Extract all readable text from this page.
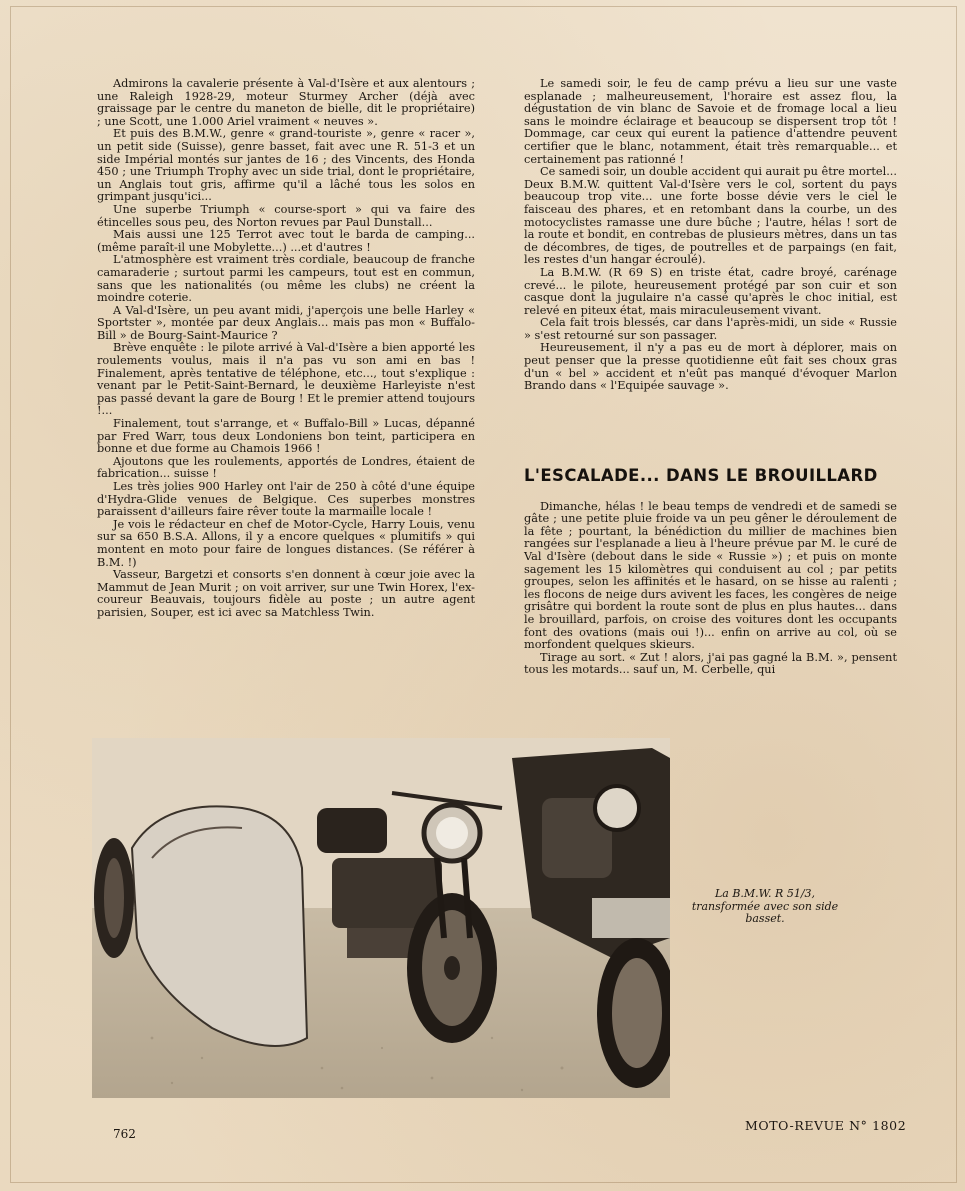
Admirons la cavalerie présente à Val-d'Isère et aux alentours ; une Raleigh 1928-29, moteur Sturmey Archer (déjà avec graissage par le centre du maneton de bielle, dit le propriétaire) ; une Scott, une 1.000 Ariel vraiment « neuves ».

Et puis des B.M.W., genre « grand-touriste », genre « racer », un petit side (Suisse), genre basset, fait avec une R. 51-3 et un side Impérial montés sur jantes de 16 ; des Vincents, des Honda 450 ; une Triumph Trophy avec un side trial, dont le propriétaire, un Anglais tout gris, affirme qu'il a lâché tous les solos en grimpant jusqu'ici...

Une superbe Triumph « course-sport » qui va faire des étincelles sous peu, des Norton revues par Paul Dunstall...

Mais aussi une 125 Terrot avec tout le barda de camping... (même paraît-il une Mobylette...) ...et d'autres !

L'atmosphère est vraiment très cordiale, beaucoup de franche camaraderie ; surtout parmi les campeurs, tout est en commun, sans que les nationalités (ou même les clubs) ne créent la moindre coterie.

A Val-d'Isère, un peu avant midi, j'aperçois une belle Harley « Sportster », montée par deux Anglais... mais pas mon « Buffalo-Bill » de Bourg-Saint-Maurice ?

Brève enquête : le pilote arrivé à Val-d'Isère a bien apporté les roulements voulus, mais il n'a pas vu son ami en bas ! Finalement, après tentative de téléphone, etc..., tout s'explique : venant par le Petit-Saint-Bernard, le deuxième Harleyiste n'est pas passé devant la gare de Bourg ! Et le premier attend toujours !...

Finalement, tout s'arrange, et « Buffalo-Bill » Lucas, dépanné par Fred Warr, tous deux Londoniens bon teint, participera en bonne et due forme au Chamois 1966 !

Ajoutons que les roulements, apportés de Londres, étaient de fabrication... suisse !

Les très jolies 900 Harley ont l'air de 250 à côté d'une équipe d'Hydra-Glide venues de Belgique. Ces superbes monstres paraissent d'ailleurs faire rêver toute la marmaille locale !

Je vois le rédacteur en chef de Motor-Cycle, Harry Louis, venu sur sa 650 B.S.A. Allons, il y a encore quelques « plumitifs » qui montent en moto pour faire de longues distances. (Se référer à B.M. !)

Vasseur, Bargetzi et consorts s'en donnent à cœur joie avec la Mammut de Jean Murit ; on voit arriver, sur une Twin Horex, l'ex-coureur Beauvais, toujours fidèle au poste ; un autre agent parisien, Souper, est ici avec sa Matchless Twin.

Le samedi soir, le feu de camp prévu a lieu sur une vaste esplanade ; malheureusement, l'horaire est assez flou, la dégustation de vin blanc de Savoie et de fromage local a lieu sans le moindre éclairage et beaucoup se dispersent trop tôt ! Dommage, car ceux qui eurent la patience d'attendre peuvent certifier que le blanc, notamment, était très remarquable... et certainement pas rationné !

Ce samedi soir, un double accident qui aurait pu être mortel... Deux B.M.W. quittent Val-d'Isère vers le col, sortent du pays beaucoup trop vite... une forte bosse dévie vers le ciel le faisceau des phares, et en retombant dans la courbe, un des motocyclistes ramasse une dure bûche ; l'autre, hélas ! sort de la route et bondit, en contrebas de plusieurs mètres, dans un tas de décombres, de tiges, de poutrelles et de parpaings (en fait, les restes d'un hangar écroulé).

La B.M.W. (R 69 S) en triste état, cadre broyé, carénage crevé... le pilote, heureusement protégé par son cuir et son casque dont la jugulaire n'a cassé qu'après le choc initial, est relevé en piteux état, mais miraculeusement vivant.

Cela fait trois blessés, car dans l'après-midi, un side « Russie » s'est retourné sur son passager.

Heureusement, il n'y a pas eu de mort à déplorer, mais on peut penser que la presse quotidienne eût fait ses choux gras d'un « bel » accident et n'eût pas manqué d'évoquer Marlon Brando dans « l'Equipée sauvage ».

L'ESCALADE... DANS LE BROUILLARD

Dimanche, hélas ! le beau temps de vendredi et de samedi se gâte ; une petite pluie froide va un peu gêner le déroulement de la fête ; pourtant, la bénédiction du millier de machines bien rangées sur l'esplanade a lieu à l'heure prévue par M. le curé de Val d'Isère (debout dans le side « Russie ») ; et puis on monte sagement les 15 kilomètres qui conduisent au col ; par petits groupes, selon les affinités et le hasard, on se hisse au ralenti ; les flocons de neige durs avivent les faces, les congères de neige grisâtre qui bordent la route sont de plus en plus hautes... dans le brouillard, parfois, on croise des voitures dont les occupants font des ovations (mais oui !)... enfin on arrive au col, où se morfondent quelques skieurs.

Tirage au sort. « Zut ! alors, j'ai pas gagné la B.M. », pensent tous les motards... sauf un, M. Cerbelle, qui

La B.M.W. R 51/3, transformée avec son side basset.
762
MOTO-REVUE N° 1802
